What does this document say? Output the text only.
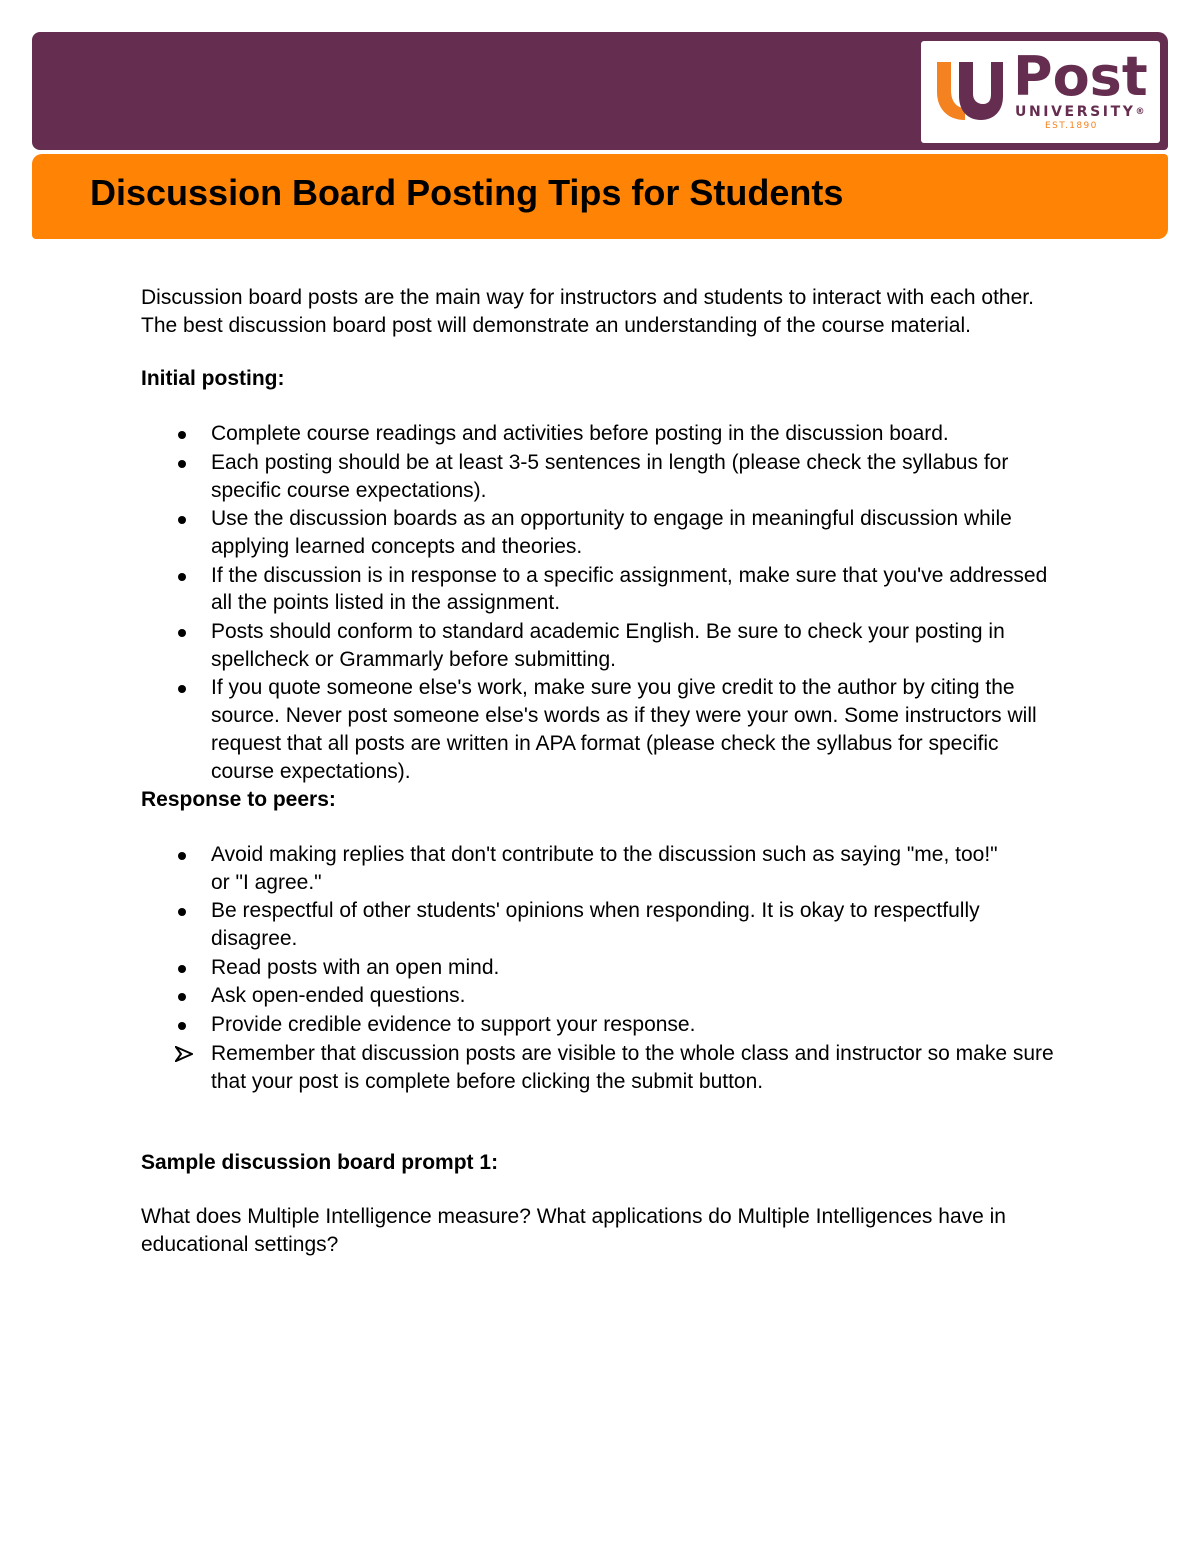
Post
UNIVERSITY®
EST.1890
Discussion Board Posting Tips for Students

Discussion board posts are the main way for instructors and students to interact with each other. The best discussion board post will demonstrate an understanding of the course material.

Initial posting:

Complete course readings and activities before posting in the discussion board.
Each posting should be at least 3-5 sentences in length (please check the syllabus for specific course expectations).
Use the discussion boards as an opportunity to engage in meaningful discussion while applying learned concepts and theories.
If the discussion is in response to a specific assignment, make sure that you've addressed all the points listed in the assignment.
Posts should conform to standard academic English. Be sure to check your posting in spellcheck or Grammarly before submitting.
If you quote someone else's work, make sure you give credit to the author by citing the source. Never post someone else's words as if they were your own. Some instructors will request that all posts are written in APA format (please check the syllabus for specific course expectations).

Response to peers:

Avoid making replies that don't contribute to the discussion such as saying "me, too!" or "I agree."
Be respectful of other students' opinions when responding. It is okay to respectfully disagree.
Read posts with an open mind.
Ask open-ended questions.
Provide credible evidence to support your response.

Remember that discussion posts are visible to the whole class and instructor so make sure that your post is complete before clicking the submit button.

Sample discussion board prompt 1:

What does Multiple Intelligence measure? What applications do Multiple Intelligences have in educational settings?
